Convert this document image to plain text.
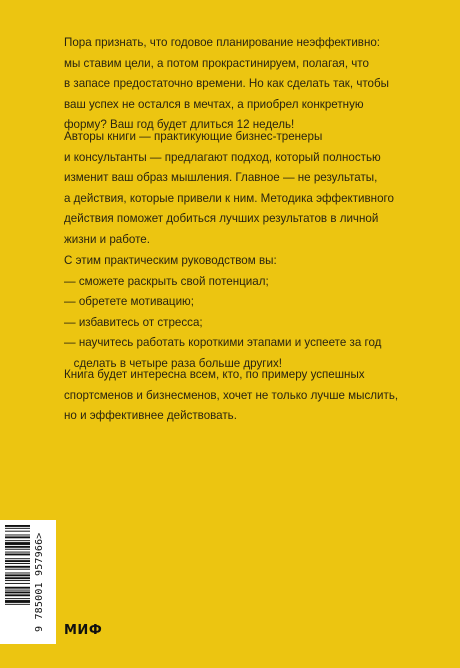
Пора признать, что годовое планирование неэффективно:
мы ставим цели, а потом прокрастинируем, полагая, что
в запасе предостаточно времени. Но как сделать так, чтобы
ваш успех не остался в мечтах, а приобрел конкретную
форму? Ваш год будет длиться 12 недель!
Авторы книги — практикующие бизнес-тренеры
и консультанты — предлагают подход, который полностью
изменит ваш образ мышления. Главное — не результаты,
а действия, которые привели к ним. Методика эффективного
действия поможет добиться лучших результатов в личной
жизни и работе.
С этим практическим руководством вы:
— сможете раскрыть свой потенциал;
— обретете мотивацию;
— избавитесь от стресса;
— научитесь работать короткими этапами и успеете за год
сделать в четыре раза больше других!
Книга будет интересна всем, кто, по примеру успешных
спортсменов и бизнесменов, хочет не только лучше мыслить,
но и эффективнее действовать.
9 785001 957966>
МИФ
